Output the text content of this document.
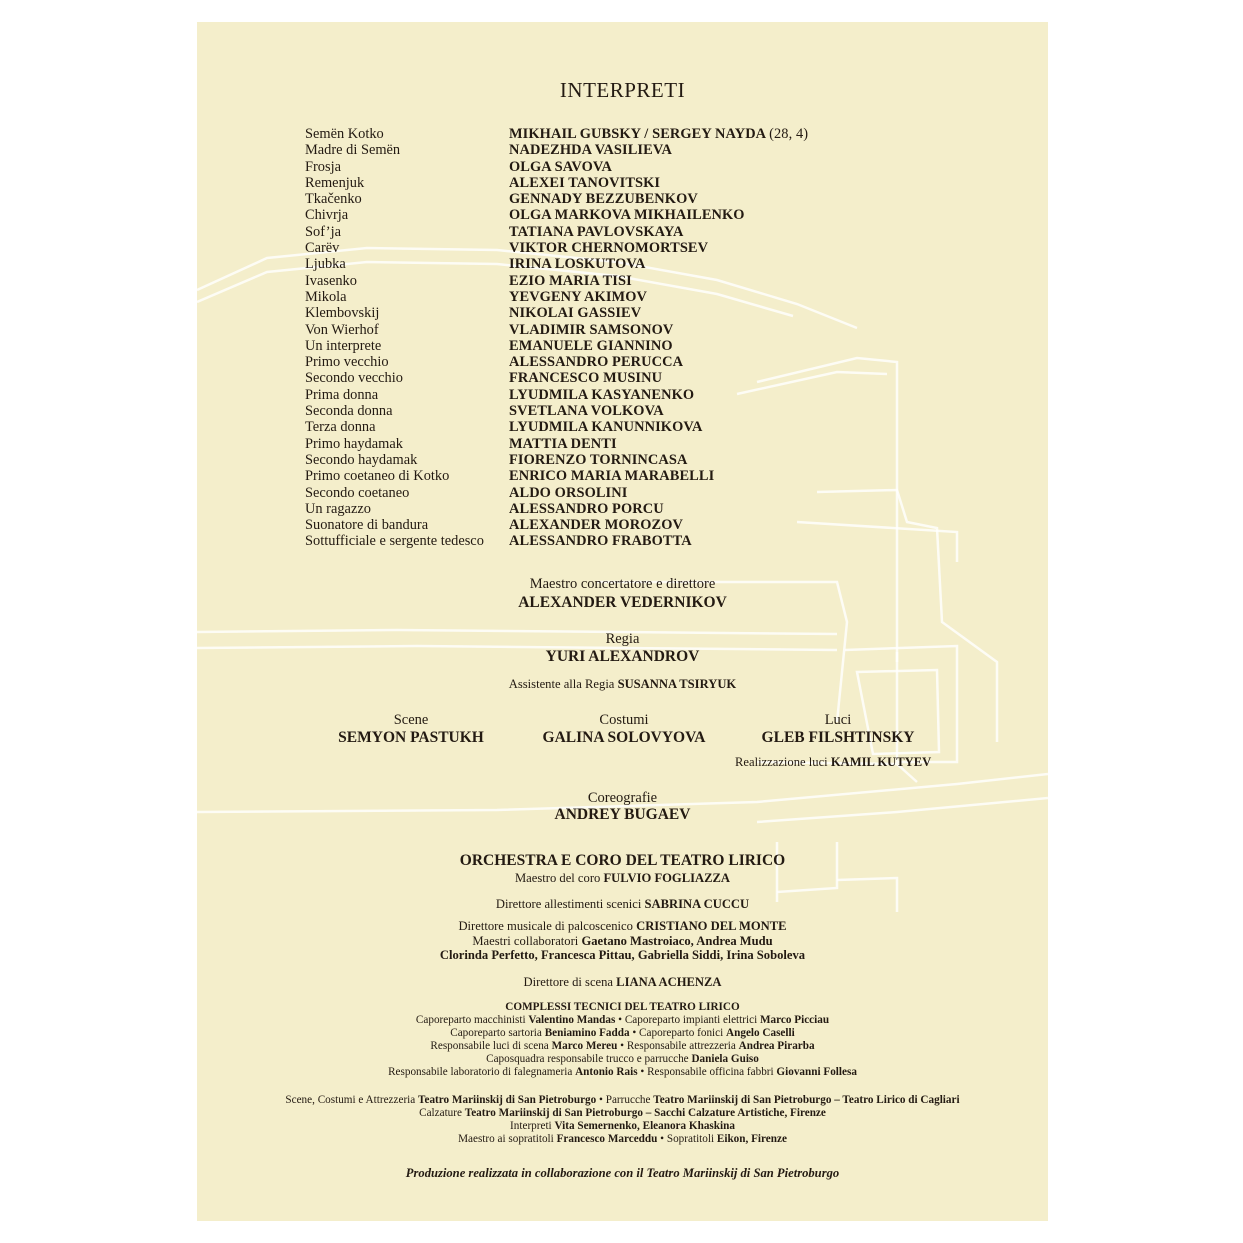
INTERPRETI
Semën Kotko	MIKHAIL GUBSKY / SERGEY NAYDA (28, 4)
Madre di Semën	NADEZHDA VASILIEVA
Frosja	OLGA SAVOVA
Remenjuk	ALEXEI TANOVITSKI
Tkačenko	GENNADY BEZZUBENKOV
Chivrja	OLGA MARKOVA MIKHAILENKO
Sof’ja	TATIANA PAVLOVSKAYA
Carëv	VIKTOR CHERNOMORTSEV
Ljubka	IRINA LOSKUTOVA
Ivasenko	EZIO MARIA TISI
Mikola	YEVGENY AKIMOV
Klembovskij	NIKOLAI GASSIEV
Von Wierhof	VLADIMIR SAMSONOV
Un interprete	EMANUELE GIANNINO
Primo vecchio	ALESSANDRO PERUCCA
Secondo vecchio	FRANCESCO MUSINU
Prima donna	LYUDMILA KASYANENKO
Seconda donna	SVETLANA VOLKOVA
Terza donna	LYUDMILA KANUNNIKOVA
Primo haydamak	MATTIA DENTI
Secondo haydamak	FIORENZO TORNINCASA
Primo coetaneo di Kotko	ENRICO MARIA MARABELLI
Secondo coetaneo	ALDO ORSOLINI
Un ragazzo	ALESSANDRO PORCU
Suonatore di bandura	ALEXANDER MOROZOV
Sottufficiale e sergente tedesco	ALESSANDRO FRABOTTA
Maestro concertatore e direttore
ALEXANDER VEDERNIKOV
Regia
YURI ALEXANDROV
Assistente alla Regia SUSANNA TSIRYUK
Scene
SEMYON PASTUKH
Costumi
GALINA SOLOVYOVA
Luci
GLEB FILSHTINSKY
Realizzazione luci KAMIL KUTYEV
Coreografie
ANDREY BUGAEV
ORCHESTRA E CORO DEL TEATRO LIRICO
Maestro del coro FULVIO FOGLIAZZA
Direttore allestimenti scenici SABRINA CUCCU
Direttore musicale di palcoscenico CRISTIANO DEL MONTE
Maestri collaboratori Gaetano Mastroiaco, Andrea Mudu
Clorinda Perfetto, Francesca Pittau, Gabriella Siddi, Irina Soboleva
Direttore di scena LIANA ACHENZA
COMPLESSI TECNICI DEL TEATRO LIRICO
Caporeparto macchinisti Valentino Mandas • Caporeparto impianti elettrici Marco Picciau
Caporeparto sartoria Beniamino Fadda • Caporeparto fonici Angelo Caselli
Responsabile luci di scena Marco Mereu • Responsabile attrezzeria Andrea Pirarba
Caposquadra responsabile trucco e parrucche Daniela Guiso
Responsabile laboratorio di falegnameria Antonio Rais • Responsabile officina fabbri Giovanni Follesa
Scene, Costumi e Attrezzeria Teatro Mariinskij di San Pietroburgo • Parrucche Teatro Mariinskij di San Pietroburgo – Teatro Lirico di Cagliari
Calzature Teatro Mariinskij di San Pietroburgo – Sacchi Calzature Artistiche, Firenze
Interpreti Vita Semernenko, Eleanora Khaskina
Maestro ai sopratitoli Francesco Marceddu • Sopratitoli Eikon, Firenze
Produzione realizzata in collaborazione con il Teatro Mariinskij di San Pietroburgo
